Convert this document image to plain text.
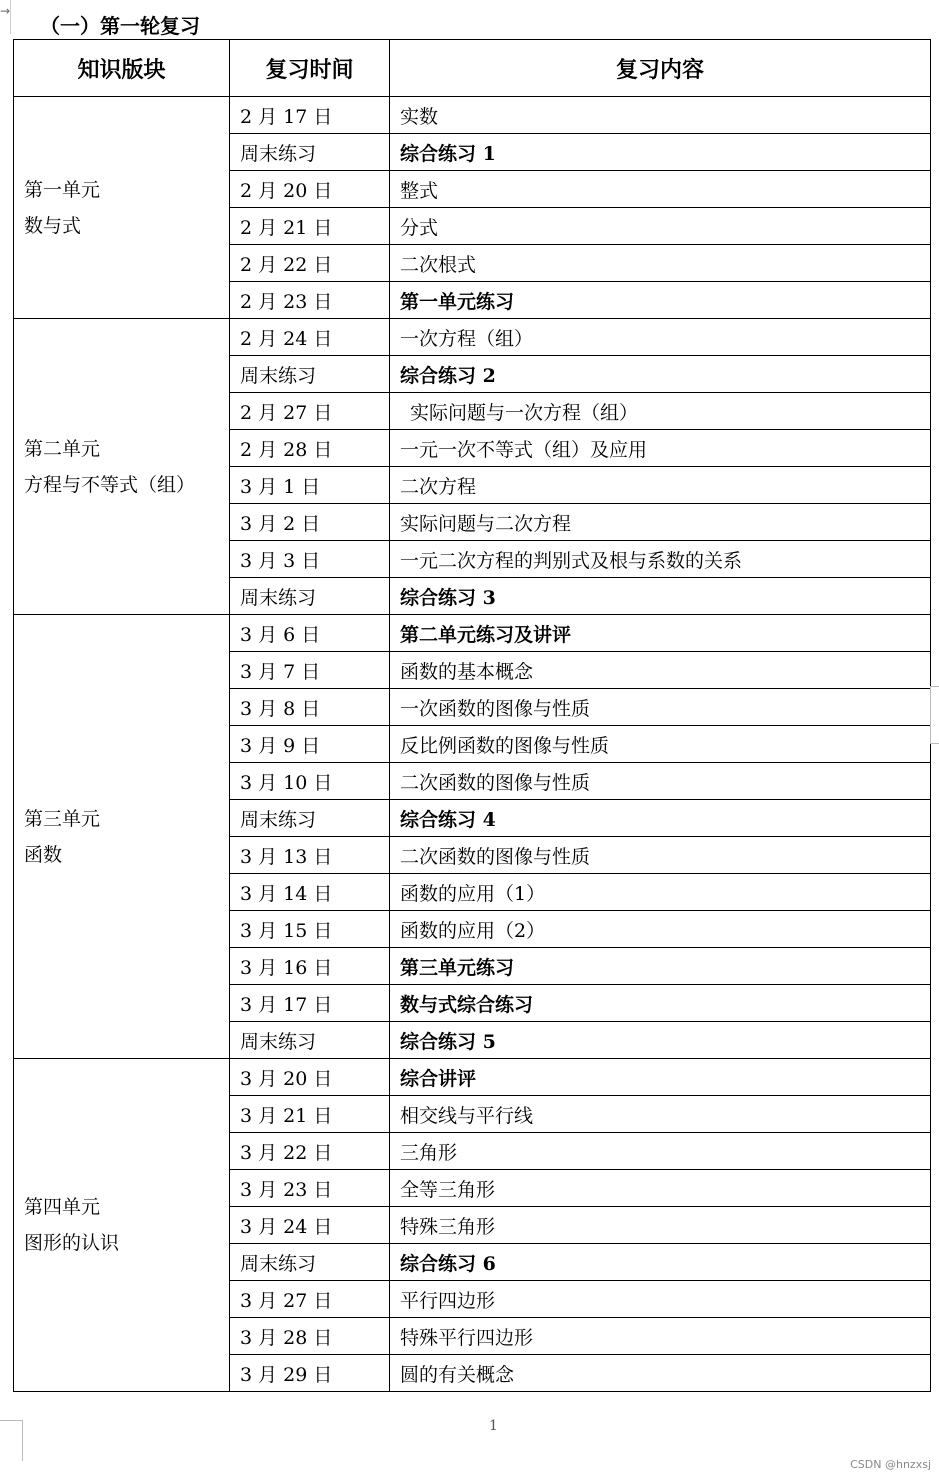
→
（一）第一轮复习
知识版块	复习时间	复习内容

第一单元
数与式	2 月 17 日	实数
	周末练习	综合练习 1
	2 月 20 日	整式
	2 月 21 日	分式
	2 月 22 日	二次根式
	2 月 23 日	第一单元练习

第二单元
方程与不等式（组）	2 月 24 日	一次方程（组）
	周末练习	综合练习 2
	2 月 27 日	实际问题与一次方程（组）
	2 月 28 日	一元一次不等式（组）及应用
	3 月 1 日	二次方程
	3 月 2 日	实际问题与二次方程
	3 月 3 日	一元二次方程的判别式及根与系数的关系
	周末练习	综合练习 3

第三单元
函数	3 月 6 日	第二单元练习及讲评
	3 月 7 日	函数的基本概念
	3 月 8 日	一次函数的图像与性质
	3 月 9 日	反比例函数的图像与性质
	3 月 10 日	二次函数的图像与性质
	周末练习	综合练习 4
	3 月 13 日	二次函数的图像与性质
	3 月 14 日	函数的应用（1）
	3 月 15 日	函数的应用（2）
	3 月 16 日	第三单元练习
	3 月 17 日	数与式综合练习
	周末练习	综合练习 5

第四单元
图形的认识	3 月 20 日	综合讲评
	3 月 21 日	相交线与平行线
	3 月 22 日	三角形
	3 月 23 日	全等三角形
	3 月 24 日	特殊三角形
	周末练习	综合练习 6
	3 月 27 日	平行四边形
	3 月 28 日	特殊平行四边形
	3 月 29 日	圆的有关概念
1
CSDN @hnzxsj
